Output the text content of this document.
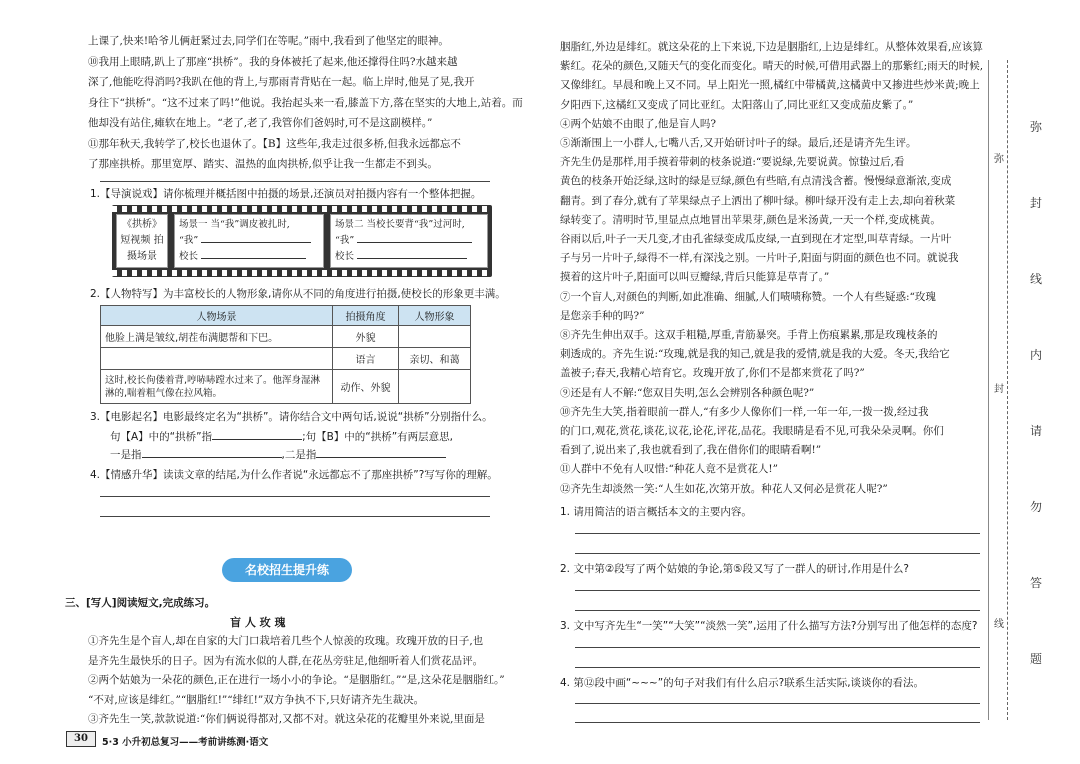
上课了,快来!哈爷儿俩赶紧过去,同学们在等呢。”雨中,我看到了他坚定的眼神。
⑩我用上眼睛,趴上了那座“拱桥”。我的身体被托了起来,他还撑得住吗?水越来越
深了,他能吃得消吗?我趴在他的背上,与那雨青背贴在一起。临上岸时,他晃了晃,我开
身往下“拱桥”。“这不过来了吗!”他说。我抬起头来一看,膝盖下方,落在坚实的大地上,站着。而
他却没有站住,瘫软在地上。“老了,老了,我管你们爸妈时,可不是这副模样。”
⑪那年秋天,我转学了,校长也退休了。【B】这些年,我走过很多桥,但我永远都忘不
了那座拱桥。那里宽厚、踏实、温热的血肉拱桥,似乎让我一生都走不到头。
1.【导演说戏】请你梳理并概括图中拍摄的场景,还演员对拍摄内容有一个整体把握。
《拱桥》 短视频 拍摄场景
场景一 当“我”调皮被扎时,
“我”
校长
场景二 当校长要背“我”过河时,
“我”
校长
2.【人物特写】为丰富校长的人物形象,请你从不同的角度进行拍摄,使校长的形象更丰满。
人物场景	拍摄角度	人物形象
他脸上满是皱纹,胡茬布满腮帮和下巴。	外貌	
	语言	亲切、和蔼
这时,校长佝偻着背,哼哧哧蹚水过来了。他浑身湿淋淋的,喘着粗气像在拉风箱。	动作、外貌	
3.【电影起名】电影最终定名为“拱桥”。请你结合文中两句话,说说“拱桥”分别指什么。
句【A】中的“拱桥”指	;句【B】中的“拱桥”有两层意思,
一是指	,二是指
4.【情感升华】读读文章的结尾,为什么作者说“永远都忘不了那座拱桥”?写写你的理解。
名校招生提升练
三、[写人]阅读短文,完成练习。
盲 人 玫 瑰
①齐先生是个盲人,却在自家的大门口栽培着几些个人惊羡的玫瑰。玫瑰开放的日子,也
是齐先生最快乐的日子。因为有流水似的人群,在花丛旁驻足,他细听着人们赏花品评。
②两个姑娘为一朵花的颜色,正在进行一场小小的争论。“是胭脂红。”“是,这朵花是胭脂红。”
“不对,应该是绯红。”“胭脂红!”“绯红!”双方争执不下,只好请齐先生裁决。
③齐先生一笑,款款说道:“你们俩说得都对,又都不对。就这朵花的花瓣里外来说,里面是
30	5·3 小升初总复习——考前讲练测·语文
胭脂红,外边是绯红。就这朵花的上下来说,下边是胭脂红,上边是绯红。从整体效果看,应该算
紫红。花朵的颜色,又随天气的变化而变化。晴天的时候,可借用武器上的那紫红;雨天的时候,
又像绯红。早晨和晚上又不同。早上阳光一照,橘红中带橘黄,这橘黄中又掺进些炒米黄;晚上
夕阳西下,这橘红又变成了同比亚红。太阳落山了,同比亚红又变成茄皮紫了。”
④两个姑娘不由眼了,他是盲人吗?
⑤渐渐围上一小群人,七嘴八舌,又开始研讨叶子的绿。最后,还是请齐先生评。
齐先生仍是那样,用手摸着带刺的枝条说道:“要说绿,先要说黄。惊蛰过后,看
黄色的枝条开始泛绿,这时的绿是豆绿,颜色有些暗,有点清浅含蓄。慢慢绿意渐浓,变成
翻青。到了春分,就有了苹果绿点子上洒出了柳叶绿。柳叶绿开没有走上去,却向着秋菜
绿转变了。清明时节,里显点点地冒出苹果芽,颜色是米汤黄,一天一个样,变成桃黄。
谷雨以后,叶子一天几变,才由孔雀绿变成瓜皮绿,一直到现在才定型,叫草青绿。一片叶
子与另一片叶子,绿得不一样,有深浅之别。一片叶子,阳面与阴面的颜色也不同。就说我
摸着的这片叶子,阳面可以叫豆瓣绿,背后只能算是草青了。”
⑦一个盲人,对颜色的判断,如此准确、细腻,人们啧啧称赞。一个人有些疑惑:“玫瑰
是您亲手种的吗?”
⑧齐先生伸出双手。这双手粗糙,厚重,青筋暴突。手背上伤痕累累,那是玫瑰枝条的
刺透成的。齐先生说:“玫瑰,就是我的知己,就是我的爱情,就是我的大爱。冬天,我给它
盖被子;春天,我精心培育它。玫瑰开放了,你们不是都来赏花了吗?”
⑨还是有人不解:“您双目失明,怎么会辨别各种颜色呢?”
⑩齐先生大笑,指着眼前一群人,“有多少人像你们一样,一年一年,一拨一拨,经过我
的门口,观花,赏花,谈花,议花,论花,评花,品花。我眼睛是看不见,可我朵朵灵啊。你们
看到了,说出来了,我也就看到了,我在借你们的眼睛看啊!”
⑪人群中不免有人叹惜:“种花人竟不是赏花人!”
⑫齐先生却淡然一笑:“人生如花,次第开放。种花人又何必是赏花人呢?”
1. 请用简洁的语言概括本文的主要内容。
2. 文中第②段写了两个姑娘的争论,第⑤段又写了一群人的研讨,作用是什么?
3. 文中写齐先生“一笑”“大笑”“淡然一笑”,运用了什么描写方法?分别写出了他怎样的态度?
4. 第⑫段中画“~~~”的句子对我们有什么启示?联系生活实际,谈谈你的看法。
弥
封
线
内
请
勿
答
题
弥
封
线
